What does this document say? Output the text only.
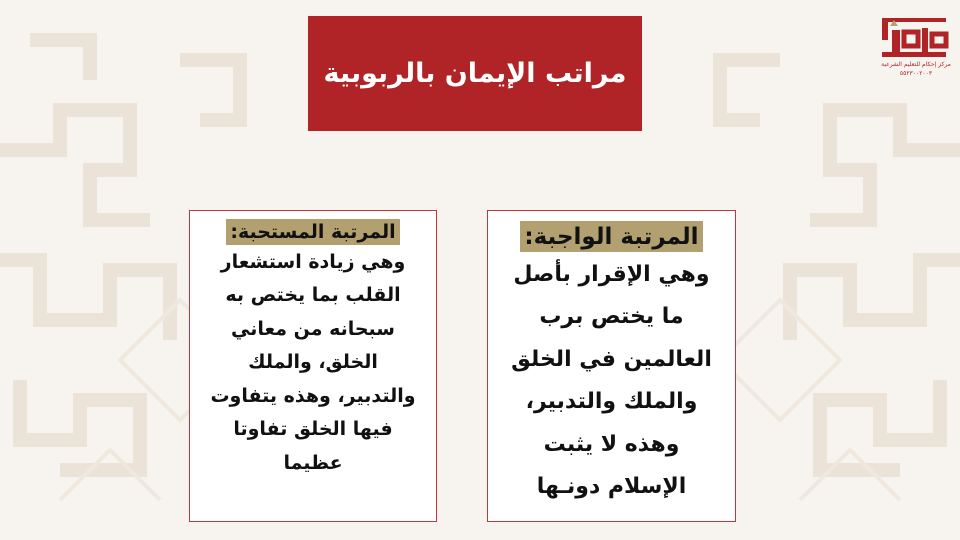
مركز إحكام للتعليم الشرعية
٥٥٢٣٠٠٢٠٠٣
مراتب الإيمان بالربوبية
المرتبة المستحبة:
وهي زيادة استشعار
القلب بما يختص به
سبحانه من معاني
الخلق، والملك
والتدبير، وهذه يتفاوت
فيها الخلق تفاوتا
عظيما
المرتبة الواجبة:
وهي الإقرار بأصل
ما يختص برب
العالمين في الخلق
والملك والتدبير،
وهذه لا يثبت
الإسلام دونـها
